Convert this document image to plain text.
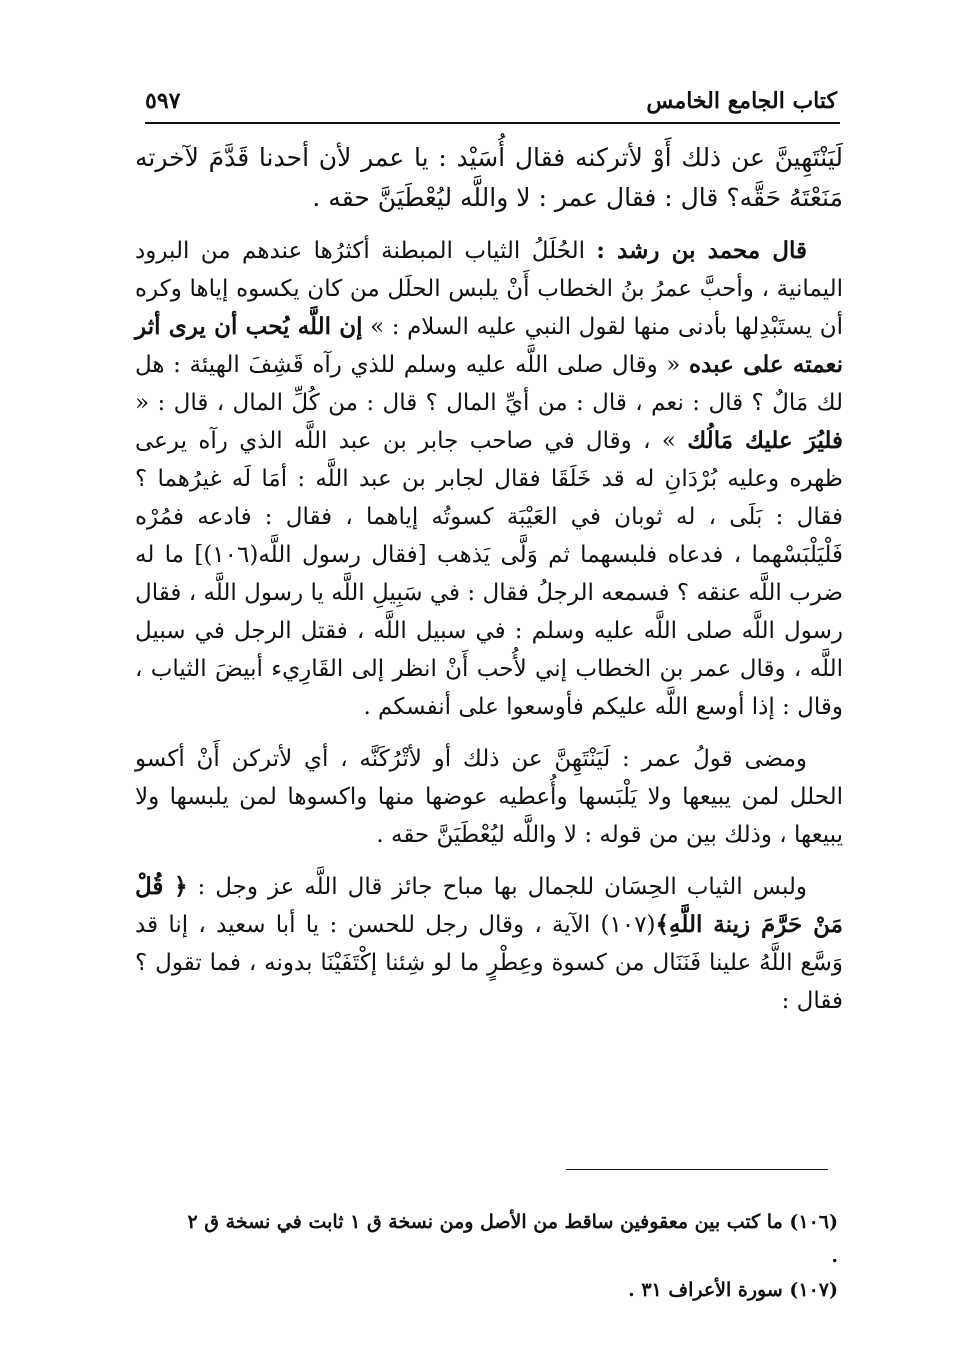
كتاب الجامع الخامس
٥٩٧

لَيَنْتَهِينَّ عن ذلك أَوْ لأتركنه فقال أُسَيْد : يا عمر لأن أحدنا قَدَّمَ لآخرته مَنَعْتَهُ حَقَّه؟ قال : فقال عمر : لا واللَّه ليُعْطَيَنَّ حقه .

قال محمد بن رشد : الحُلَلُ الثياب المبطنة أكثرُها عندهم من البرود اليمانية ، وأحبَّ عمرُ بنُ الخطاب أَنْ يلبس الحلَل من كان يكسوه إياها وكره أن يستَبْدِلها بأدنى منها لقول النبي عليه السلام : » إن اللَّه يُحب أن يرى أثر نعمته على عبده « وقال صلى اللَّه عليه وسلم للذي رآه قَشِفَ الهيئة : هل لك مَالٌ ؟ قال : نعم ، قال : من أيِّ المال ؟ قال : من كُلِّ المال ، قال : « فليُرَ عليك مَالُك » ، وقال في صاحب جابر بن عبد اللَّه الذي رآه يرعى ظهره وعليه بُرْدَانِ له قد خَلَقَا فقال لجابر بن عبد اللَّه : أمَا لَه غيرُهما ؟ فقال : بَلَى ، له ثوبان في العَيْبَة كسوتُه إياهما ، فقال : فادعه فمُرْه فَلْيَلْبَسْهما ، فدعاه فلبسهما ثم وَلَّى يَذهب [فقال رسول اللَّه(١٠٦)] ما له ضرب اللَّه عنقه ؟ فسمعه الرجلُ فقال : في سَبِيلِ اللَّه يا رسول اللَّه ، فقال رسول اللَّه صلى اللَّه عليه وسلم : في سبيل اللَّه ، فقتل الرجل في سبيل اللَّه ، وقال عمر بن الخطاب إني لأُحب أَنْ انظر إلى القَارِيء أبيضَ الثياب ، وقال : إذا أوسع اللَّه عليكم فأوسعوا على أنفسكم .

ومضى قولُ عمر : لَيَنْتَهِنَّ عن ذلك أو لأتْرُكَنَّه ، أي لأتركن أَنْ أكسو الحلل لمن يبيعها ولا يَلْبَسها وأُعطيه عوضها منها واكسوها لمن يلبسها ولا يبيعها ، وذلك بين من قوله : لا واللَّه ليُعْطَيَنَّ حقه .

ولبس الثياب الحِسَان للجمال بها مباح جائز قال اللَّه عز وجل : ﴿ قُلْ مَنْ حَرَّمَ زينة اللَّهِ﴾(١٠٧) الآية ، وقال رجل للحسن : يا أبا سعيد ، إنا قد وَسَّع اللَّهُ علينا فَنَنَال من كسوة وعِطْرٍ ما لو شِئنا إكْتَفَيْنَا بدونه ، فما تقول ؟ فقال :

(١٠٦) ما كتب بين معقوفين ساقط من الأصل ومن نسخة ق ١ ثابت في نسخة ق ٢ .

(١٠٧) سورة الأعراف ٣١ .
